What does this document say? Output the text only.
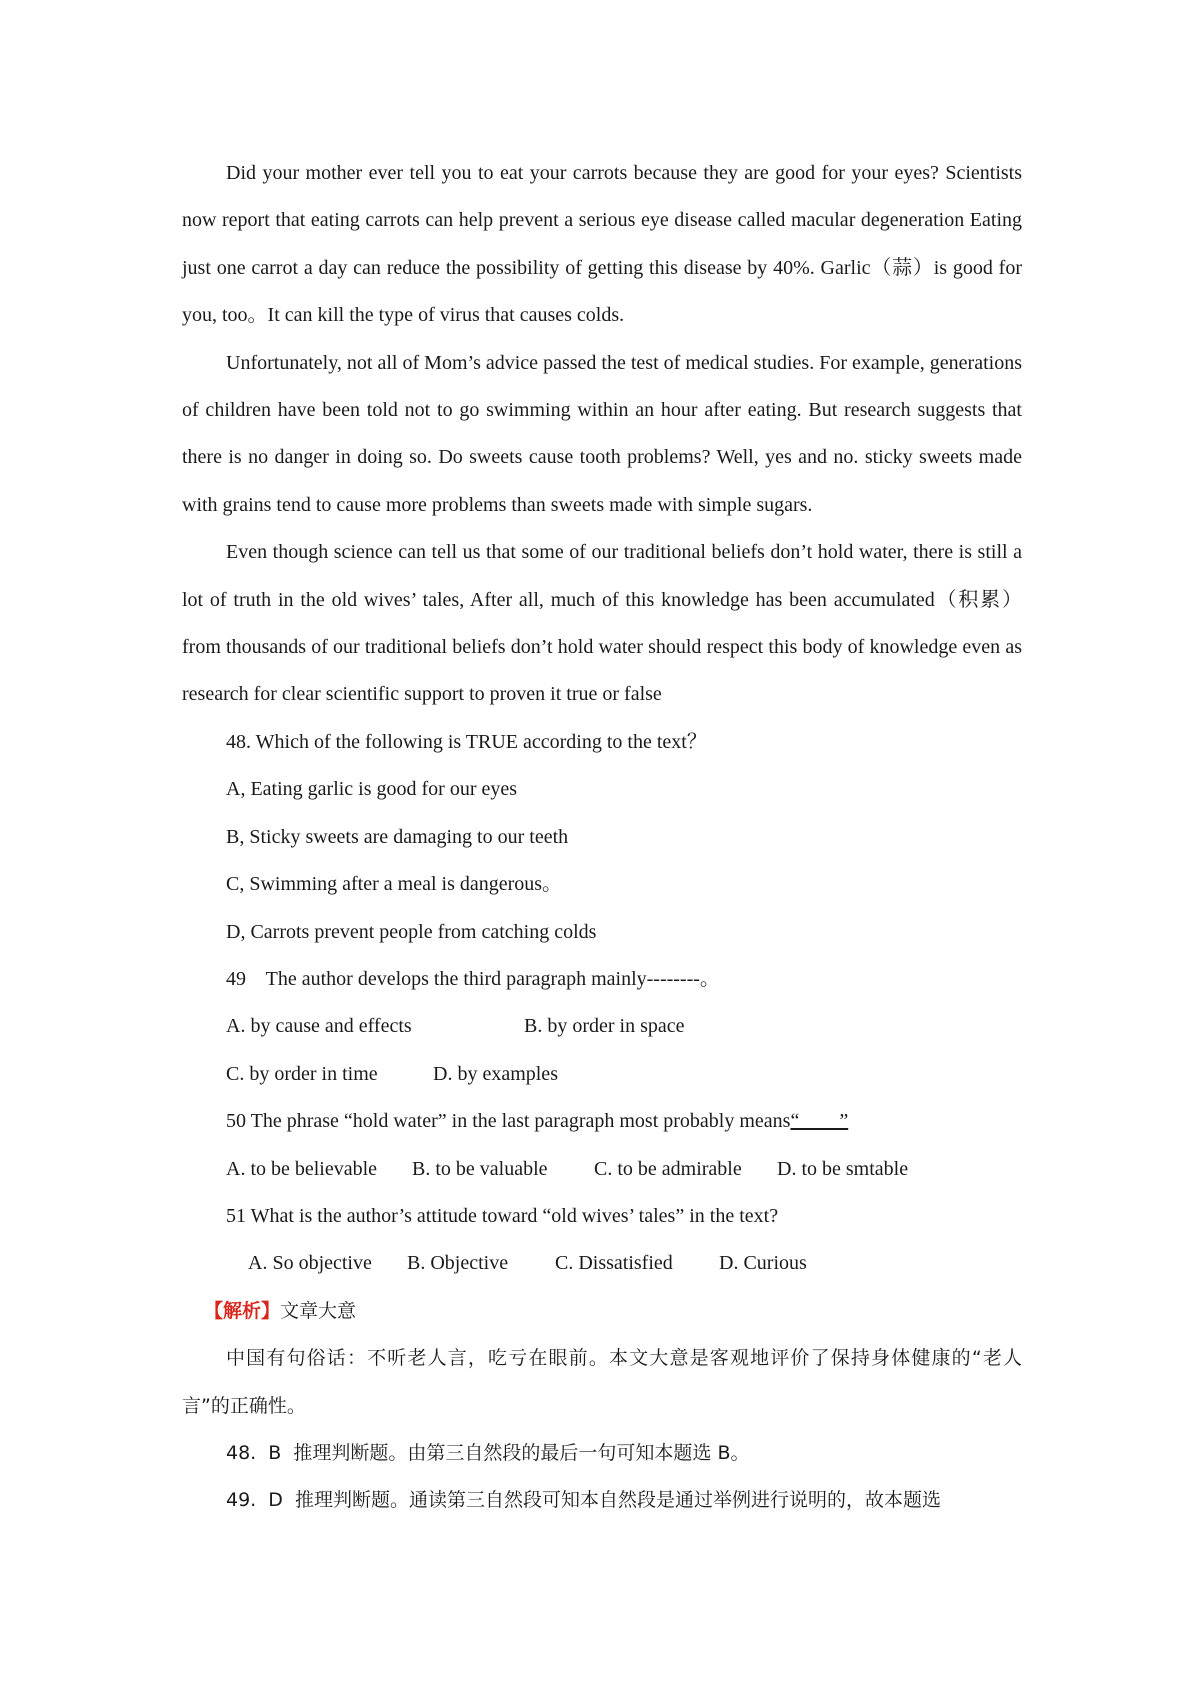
Did your mother ever tell you to eat your carrots because they are good for your eyes? Scientists now report that eating carrots can help prevent a serious eye disease called macular degeneration Eating just one carrot a day can reduce the possibility of getting this disease by 40%. Garlic（蒜）is good for you, too。It can kill the type of virus that causes colds.

Unfortunately, not all of Mom’s advice passed the test of medical studies. For example, generations of children have been told not to go swimming within an hour after eating. But research suggests that there is no danger in doing so. Do sweets cause tooth problems? Well, yes and no. sticky sweets made with grains tend to cause more problems than sweets made with simple sugars.

Even though science can tell us that some of our traditional beliefs don’t hold water, there is still a lot of truth in the old wives’ tales, After all, much of this knowledge has been accumulated（积累） from thousands of our traditional beliefs don’t hold water should respect this body of knowledge even as research for clear scientific support to proven it true or false

48. Which of the following is TRUE according to the text？

A, Eating garlic is good for our eyes

B, Sticky sweets are damaging to our teeth

C, Swimming after a meal is dangerous。

D, Carrots prevent people from catching colds

49    The author develops the third paragraph mainly--------。

A. by cause and effects	B. by order in space
C. by order in time	D. by examples

50 The phrase “hold water” in the last paragraph most probably means“____”

A. to be believable	B. to be valuable	C. to be admirable	D. to be smtable

51 What is the author’s attitude toward “old wives’ tales” in the text?

A. So objective	B. Objective	C. Dissatisfied	D. Curious

【解析】文章大意

中国有句俗话：不听老人言，吃亏在眼前。本文大意是客观地评价了保持身体健康的“老人言”的正确性。

48.  B  推理判断题。由第三自然段的最后一句可知本题选 B。

49.  D  推理判断题。通读第三自然段可知本自然段是通过举例进行说明的，故本题选
